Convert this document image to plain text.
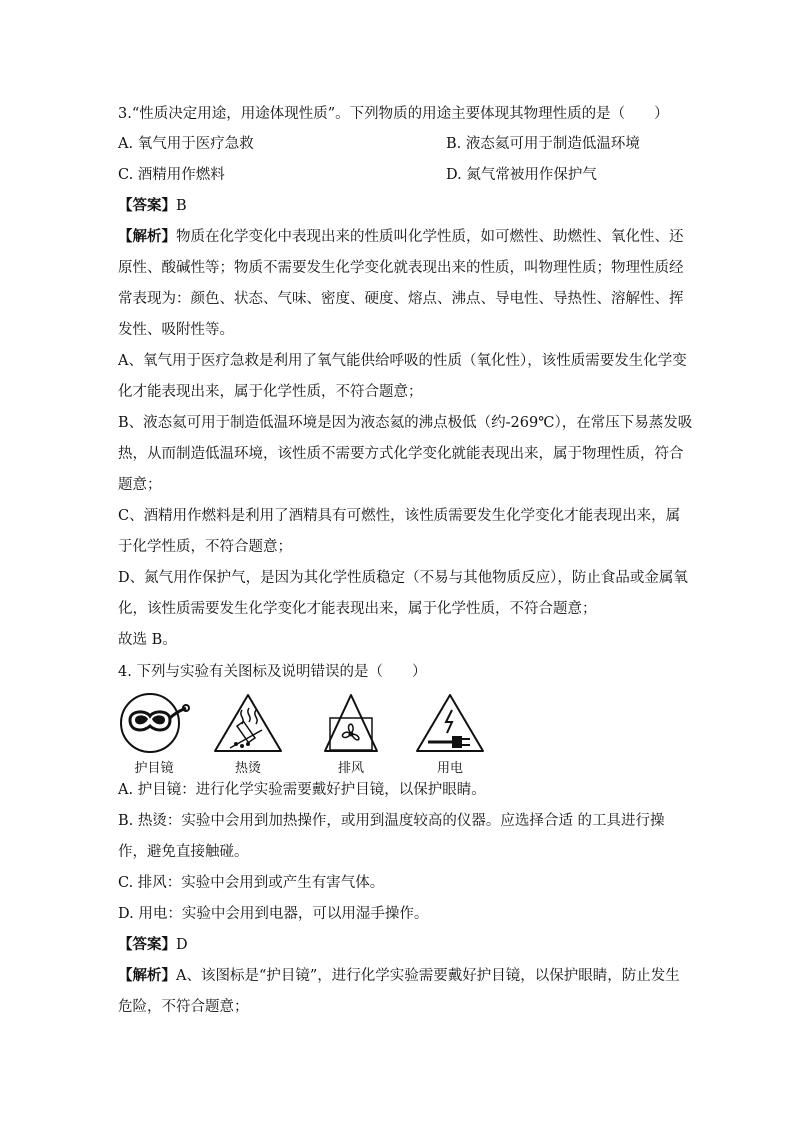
3.“性质决定用途，用途体现性质”。下列物质的用途主要体现其物理性质的是（　　）
A. 氧气用于医疗急救	B. 液态氦可用于制造低温环境
C. 酒精用作燃料	D. 氮气常被用作保护气
【答案】B
【解析】物质在化学变化中表现出来的性质叫化学性质，如可燃性、助燃性、氧化性、还
原性、酸碱性等；物质不需要发生化学变化就表现出来的性质，叫物理性质；物理性质经
常表现为：颜色、状态、气味、密度、硬度、熔点、沸点、导电性、导热性、溶解性、挥
发性、吸附性等。
A、氧气用于医疗急救是利用了氧气能供给呼吸的性质（氧化性），该性质需要发生化学变
化才能表现出来，属于化学性质，不符合题意；
B、液态氦可用于制造低温环境是因为液态氦的沸点极低（约-269℃），在常压下易蒸发吸
热，从而制造低温环境，该性质不需要方式化学变化就能表现出来，属于物理性质，符合
题意；
C、酒精用作燃料是利用了酒精具有可燃性，该性质需要发生化学变化才能表现出来，属
于化学性质，不符合题意；
D、氮气用作保护气，是因为其化学性质稳定（不易与其他物质反应），防止食品或金属氧
化，该性质需要发生化学变化才能表现出来，属于化学性质，不符合题意；
故选 B。
4. 下列与实验有关图标及说明错误的是（　　）
护目镜	热烫	排风	用电
A. 护目镜：进行化学实验需要戴好护目镜，以保护眼睛。
B. 热烫：实验中会用到加热操作，或用到温度较高的仪器。应选择合适 的工具进行操
作，避免直接触碰。
C. 排风：实验中会用到或产生有害气体。
D. 用电：实验中会用到电器，可以用湿手操作。
【答案】D
【解析】A、该图标是“护目镜”，进行化学实验需要戴好护目镜，以保护眼睛，防止发生
危险，不符合题意；
